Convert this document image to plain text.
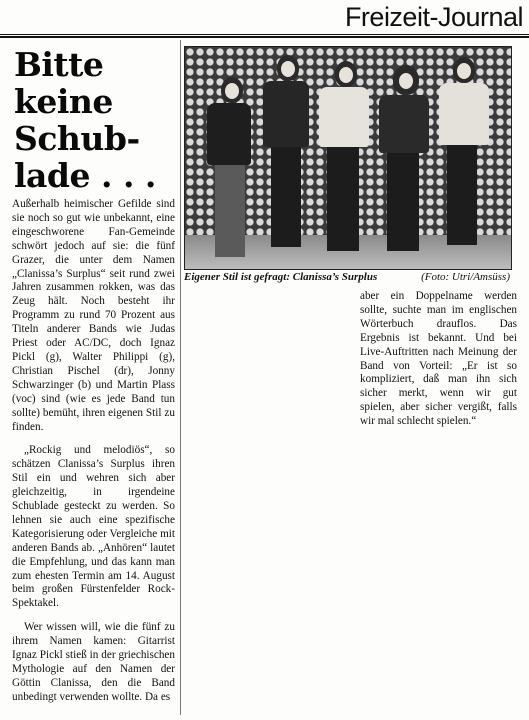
Freizeit-Journal
Bitte
keine
Schub-
lade . . .
Eigener Stil ist gefragt: Clanissa’s Surplus	(Foto: Utri/Amsüss)

Außerhalb heimischer Gefilde sind sie noch so gut wie unbekannt, eine eingeschworene Fan-Gemeinde schwört jedoch auf sie: die fünf Grazer, die unter dem Namen „Clanissa’s Surplus“ seit rund zwei Jahren zusammen rokken, was das Zeug hält. Noch besteht ihr Programm zu rund 70 Prozent aus Titeln anderer Bands wie Judas Priest oder AC/DC, doch Ignaz Pickl (g), Walter Philippi (g), Christian Pischel (dr), Jonny Schwarzinger (b) und Martin Plass (voc) sind (wie es jede Band tun sollte) bemüht, ihren eigenen Stil zu finden.

„Rockig und melodiös“, so schätzen Clanissa’s Surplus ihren Stil ein und wehren sich aber gleichzeitig, in irgendeine Schublade gesteckt zu werden. So lehnen sie auch eine spezifische Kategorisierung oder Vergleiche mit anderen Bands ab. „Anhören“ lautet die Empfehlung, und das kann man zum ehesten Termin am 14. August beim großen Fürstenfelder Rock-Spektakel.

Wer wissen will, wie die fünf zu ihrem Namen kamen: Gitarrist Ignaz Pickl stieß in der griechischen Mythologie auf den Namen der Göttin Clanissa, den die Band unbedingt verwenden wollte. Da es

aber ein Doppelname werden sollte, suchte man im englischen Wörterbuch drauflos. Das Ergebnis ist bekannt. Und bei Live-Auftritten nach Meinung der Band von Vorteil: „Er ist so kompliziert, daß man ihn sich sicher merkt, wenn wir gut spielen, aber sicher vergißt, falls wir mal schlecht spielen.“
